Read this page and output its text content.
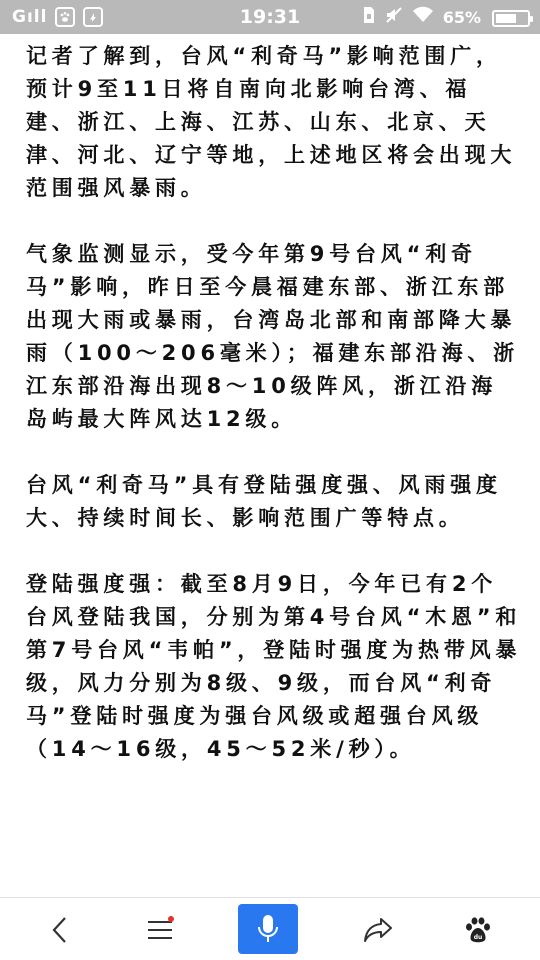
Gıll	19:31	65%

记者了解到，台风“利奇马”影响范围广，预计9至11日将自南向北影响台湾、福建、浙江、上海、江苏、山东、北京、天津、河北、辽宁等地，上述地区将会出现大范围强风暴雨。

气象监测显示，受今年第9号台风“利奇马”影响，昨日至今晨福建东部、浙江东部出现大雨或暴雨，台湾岛北部和南部降大暴雨（100～206毫米）；福建东部沿海、浙江东部沿海出现8～10级阵风，浙江沿海岛屿最大阵风达12级。

台风“利奇马”具有登陆强度强、风雨强度大、持续时间长、影响范围广等特点。

登陆强度强：截至8月9日，今年已有2个台风登陆我国，分别为第4号台风“木恩”和第7号台风“韦帕”，登陆时强度为热带风暴级，风力分别为8级、9级，而台风“利奇马”登陆时强度为强台风级或超强台风级（14～16级，45～52米/秒）。

du
